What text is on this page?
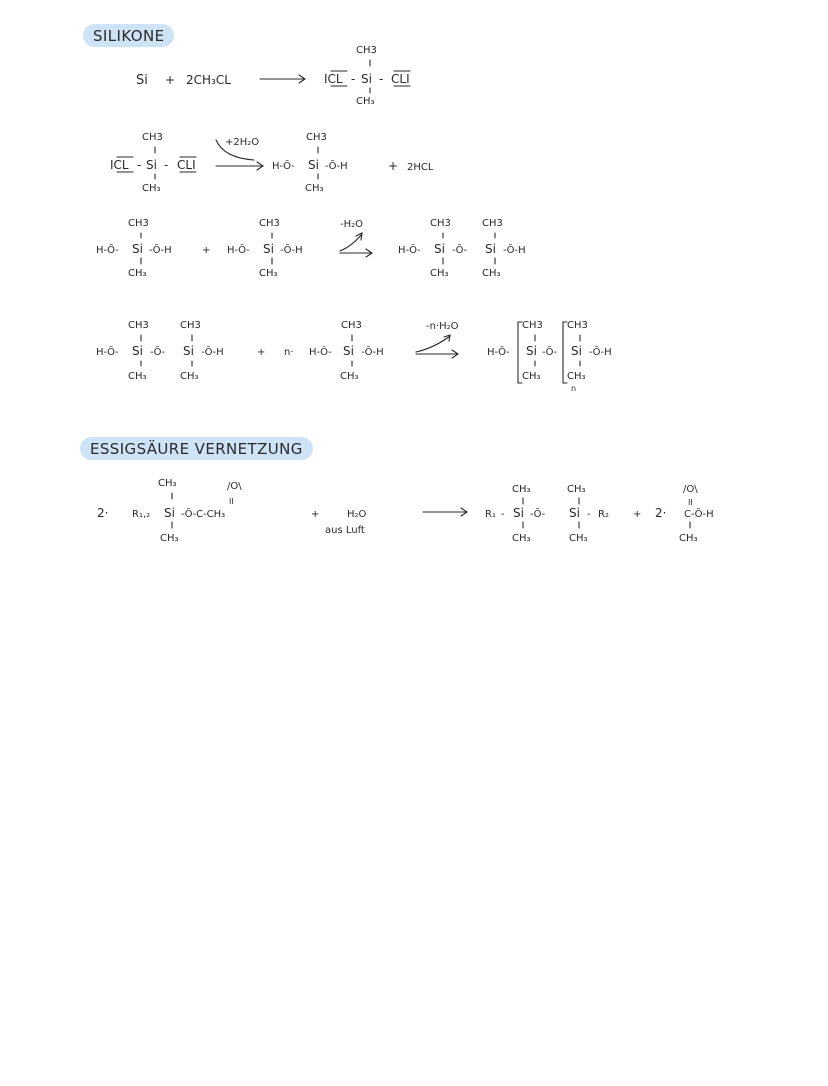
SILIKONE
ESSIGSÄURE VERNETZUNG
Si + 2CH₃CL
CH3
ICL - Si - CLI
CH₃
CH3
ICL - Si - CLI
CH₃
+2H₂O	CH3
H-Ō- Si -Ō-H
CH₃
+ 2HCL
CH3
H-Ō- Si -Ō-H
CH₃
+
CH3
H-Ō- Si -Ō-H
CH₃
-H₂O	CH3	CH3
H-Ō- Si -Ō- Si -Ō-H
CH₃	CH₃
CH3	CH3
H-Ō- Si -Ō- Si -Ō-H
CH₃	CH₃
+ n·
CH3
H-Ō- Si -Ō-H
CH₃
-n·H₂O	CH3 CH3
H-Ō- Si -Ō- Si -Ō-H
CH₃	CH₃
n
2·
CH₃
R₁,₂ Si -Ō-C-CH₃
/O\
II
CH₃
+	H₂O
aus Luft
CH₃	CH₃
R₁ - Si -Ō- Si - R₂
CH₃	CH₃
+ 2·
/O\
II
C-Ō-H
CH₃
